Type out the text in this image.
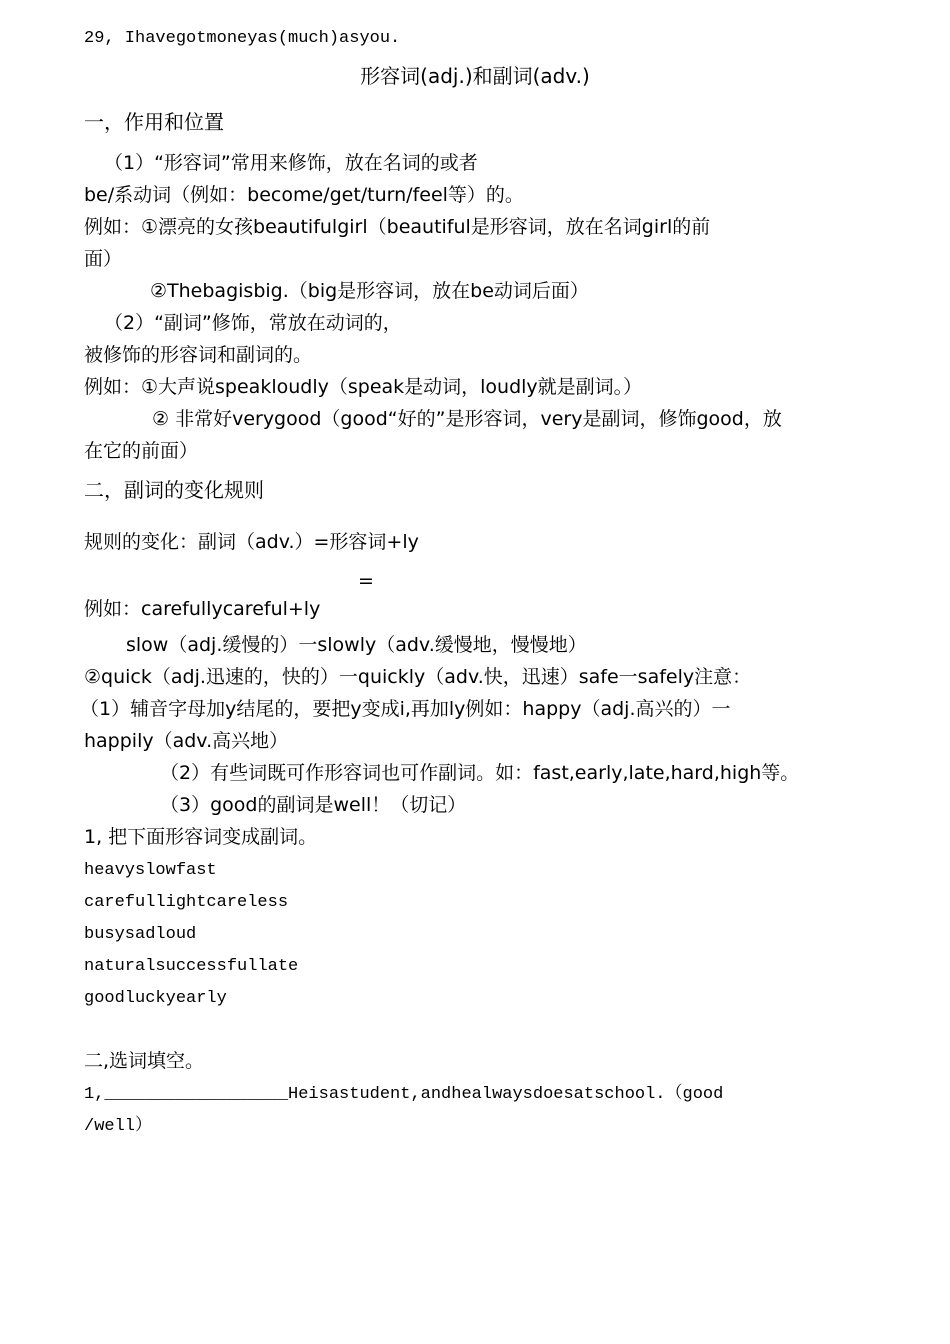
29, Ihavegotmoneyas(much)asyou.
形容词(adj.)和副词(adv.)
一，作用和位置
（1）“形容词”常用来修饰，放在名词的或者
be/系动词（例如：become/get/turn/feel等）的。
例如：①漂亮的女孩beautifulgirl（beautiful是形容词，放在名词girl的前
面）
②Thebagisbig.（big是形容词，放在be动词后面）
（2）“副词”修饰，常放在动词的，
被修饰的形容词和副词的。
例如：①大声说speakloudly（speak是动词，loudly就是副词。）
② 非常好verygood（good“好的”是形容词，very是副词，修饰good，放
在它的前面）
二，副词的变化规则
规则的变化：副词（adv.）=形容词+ly
=
例如：carefullycareful+ly
slow（adj.缓慢的）一slowly（adv.缓慢地，慢慢地）
②quick（adj.迅速的，快的）一quickly（adv.快，迅速）safe一safely注意：
（1）辅音字母加y结尾的，要把y变成i,再加ly例如：happy（adj.高兴的）一
happily（adv.高兴地）
（2）有些词既可作形容词也可作副词。如：fast,early,late,hard,high等。
（3）good的副词是well！（切记）
1, 把下面形容词变成副词。
heavyslowfast
carefullightcareless
busysadloud
naturalsuccessfullate
goodluckyearly
二,选词填空。
1,__________________Heisastudent,andhealwaysdoesatschool.（good
/well）
